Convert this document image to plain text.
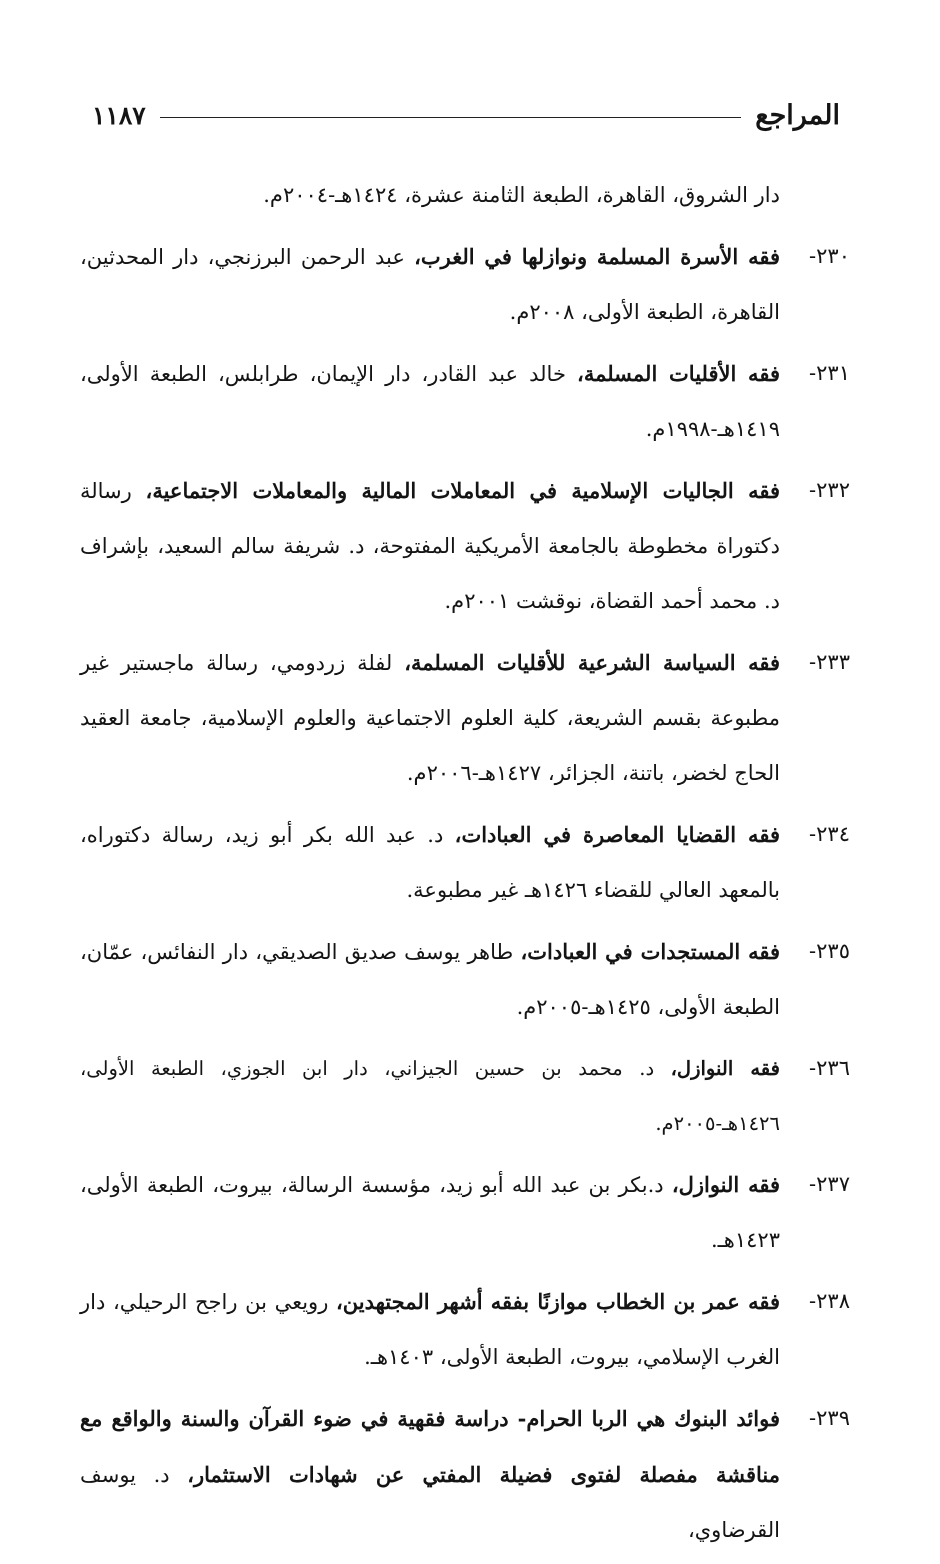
المراجع
١١٨٧

دار الشروق، القاهرة، الطبعة الثامنة عشرة، ١٤٢٤هـ-٢٠٠٤م.

٢٣٠-
فقه الأسرة المسلمة ونوازلها في الغرب، عبد الرحمن البرزنجي، دار المحدثين، القاهرة، الطبعة الأولى، ٢٠٠٨م.
٢٣١-
فقه الأقليات المسلمة، خالد عبد القادر، دار الإيمان، طرابلس، الطبعة الأولى، ١٤١٩هـ-١٩٩٨م.
٢٣٢-
فقه الجاليات الإسلامية في المعاملات المالية والمعاملات الاجتماعية، رسالة دكتوراة مخطوطة بالجامعة الأمريكية المفتوحة، د. شريفة سالم السعيد، بإشراف د. محمد أحمد القضاة، نوقشت ٢٠٠١م.
٢٣٣-
فقه السياسة الشرعية للأقليات المسلمة، لفلة زردومي، رسالة ماجستير غير مطبوعة بقسم الشريعة، كلية العلوم الاجتماعية والعلوم الإسلامية، جامعة العقيد الحاج لخضر، باتنة، الجزائر، ١٤٢٧هـ-٢٠٠٦م.
٢٣٤-
فقه القضايا المعاصرة في العبادات، د. عبد الله بكر أبو زيد، رسالة دكتوراه، بالمعهد العالي للقضاء ١٤٢٦هـ غير مطبوعة.
٢٣٥-
فقه المستجدات في العبادات، طاهر يوسف صديق الصديقي، دار النفائس، عمّان، الطبعة الأولى، ١٤٢٥هـ-٢٠٠٥م.
٢٣٦-
فقه النوازل، د. محمد بن حسين الجيزاني، دار ابن الجوزي، الطبعة الأولى، ١٤٢٦هـ-٢٠٠٥م.
٢٣٧-
فقه النوازل، د.بكر بن عبد الله أبو زيد، مؤسسة الرسالة، بيروت، الطبعة الأولى، ١٤٢٣هـ.
٢٣٨-
فقه عمر بن الخطاب موازنًا بفقه أشهر المجتهدين، رويعي بن راجح الرحيلي، دار الغرب الإسلامي، بيروت، الطبعة الأولى، ١٤٠٣هـ.
٢٣٩-
فوائد البنوك هي الربا الحرام- دراسة فقهية في ضوء القرآن والسنة والواقع مع مناقشة مفصلة لفتوى فضيلة المفتي عن شهادات الاستثمار، د. يوسف القرضاوي،
